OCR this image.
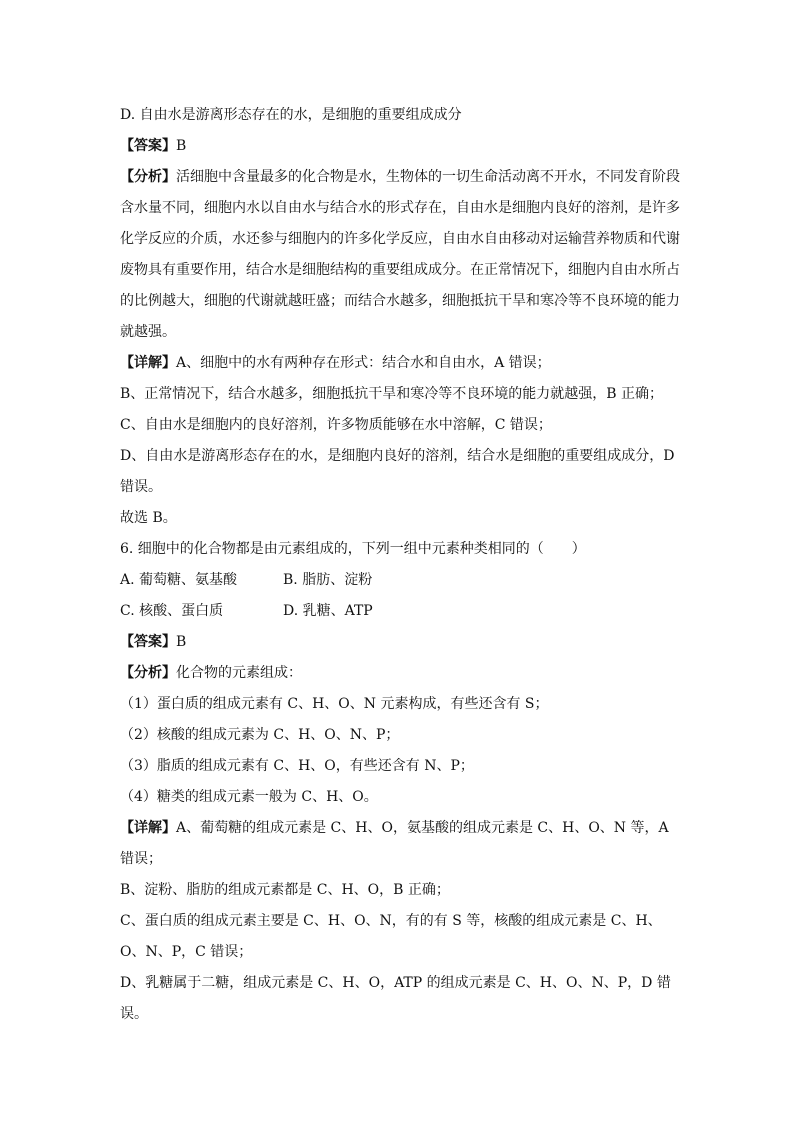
D. 自由水是游离形态存在的水，是细胞的重要组成成分

【答案】B

【分析】活细胞中含量最多的化合物是水，生物体的一切生命活动离不开水，不同发育阶段含水量不同，细胞内水以自由水与结合水的形式存在，自由水是细胞内良好的溶剂，是许多化学反应的介质，水还参与细胞内的许多化学反应，自由水自由移动对运输营养物质和代谢废物具有重要作用，结合水是细胞结构的重要组成成分。在正常情况下，细胞内自由水所占的比例越大，细胞的代谢就越旺盛；而结合水越多，细胞抵抗干旱和寒冷等不良环境的能力就越强。

【详解】A、细胞中的水有两种存在形式：结合水和自由水，A 错误；

B、正常情况下，结合水越多，细胞抵抗干旱和寒冷等不良环境的能力就越强，B 正确；

C、自由水是细胞内的良好溶剂，许多物质能够在水中溶解，C 错误；

D、自由水是游离形态存在的水，是细胞内良好的溶剂，结合水是细胞的重要组成成分，D 错误。

故选 B。

6. 细胞中的化合物都是由元素组成的，下列一组中元素种类相同的（　　）

A. 葡萄糖、氨基酸	B. 脂肪、淀粉
C. 核酸、蛋白质	D. 乳糖、ATP

【答案】B

【分析】化合物的元素组成：

（1）蛋白质的组成元素有 C、H、O、N 元素构成，有些还含有 S；

（2）核酸的组成元素为 C、H、O、N、P；

（3）脂质的组成元素有 C、H、O，有些还含有 N、P；

（4）糖类的组成元素一般为 C、H、O。

【详解】A、葡萄糖的组成元素是 C、H、O，氨基酸的组成元素是 C、H、O、N 等，A 错误；

B、淀粉、脂肪的组成元素都是 C、H、O，B 正确；

C、蛋白质的组成元素主要是 C、H、O、N，有的有 S 等，核酸的组成元素是 C、H、O、N、P，C 错误；

D、乳糖属于二糖，组成元素是 C、H、O，ATP 的组成元素是 C、H、O、N、P，D 错误。
